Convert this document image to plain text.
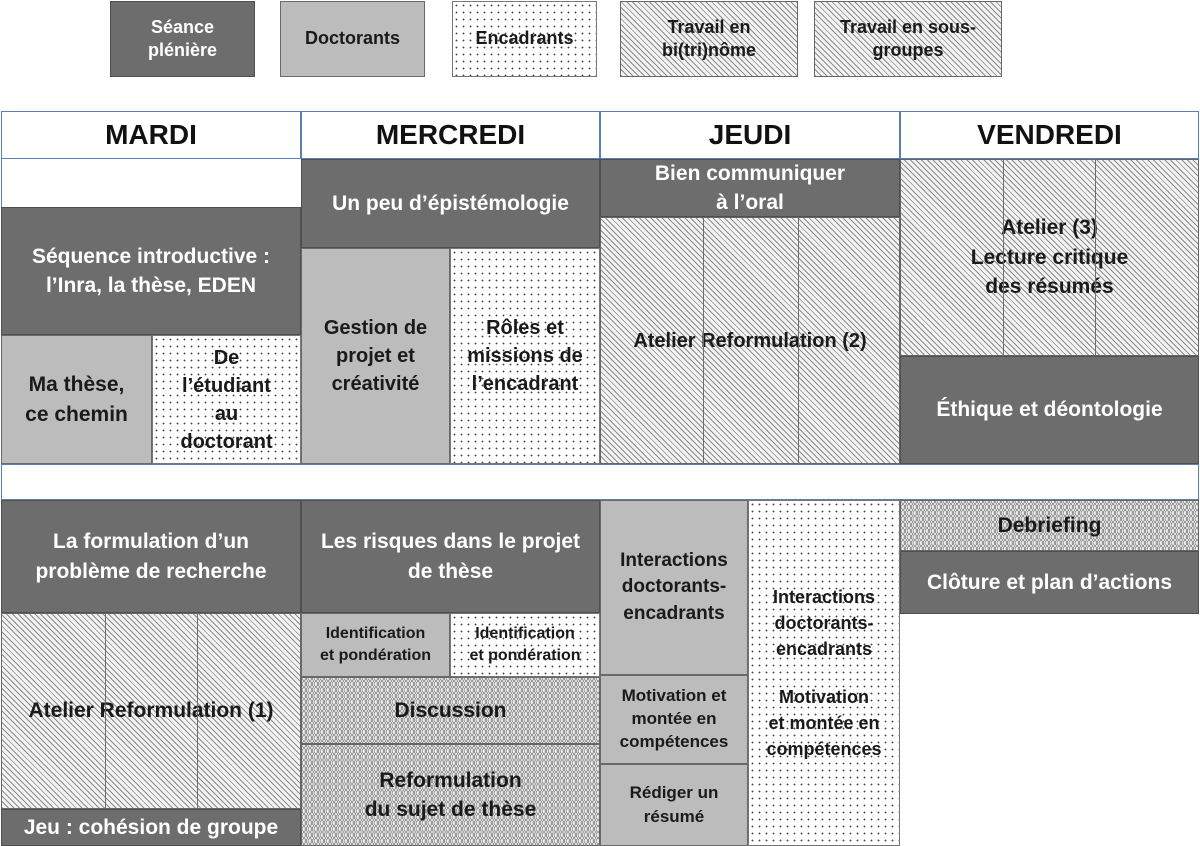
Séance
plénière
Doctorants	Encadrants
Travail en
bi(tri)nôme
Travail en sous-
groupes
MARDI	MERCREDI	JEUDI	VENDREDI
Séquence introductive :
l’Inra, la thèse, EDEN
Ma thèse,
ce chemin
De
l’étudiant
au
doctorant
Un peu d’épistémologie
Gestion de
projet et
créativité
Rôles et
missions de
l’encadrant
Bien communiquer
à l’oral
Atelier Reformulation (2)
Atelier (3)
Lecture critique
des résumés
Éthique et déontologie
La formulation d’un
problème de recherche
Atelier Reformulation (1)
Jeu : cohésion de groupe
Les risques dans le projet
de thèse
Identification
et pondération
Identification
et pondération
Discussion
Reformulation
du sujet de thèse
Interactions
doctorants-
encadrants
Motivation et
montée en
compétences
Rédiger un
résumé
Interactions
doctorants-
encadrants
Motivation
et montée en
compétences
Debriefing
Clôture et plan d’actions
